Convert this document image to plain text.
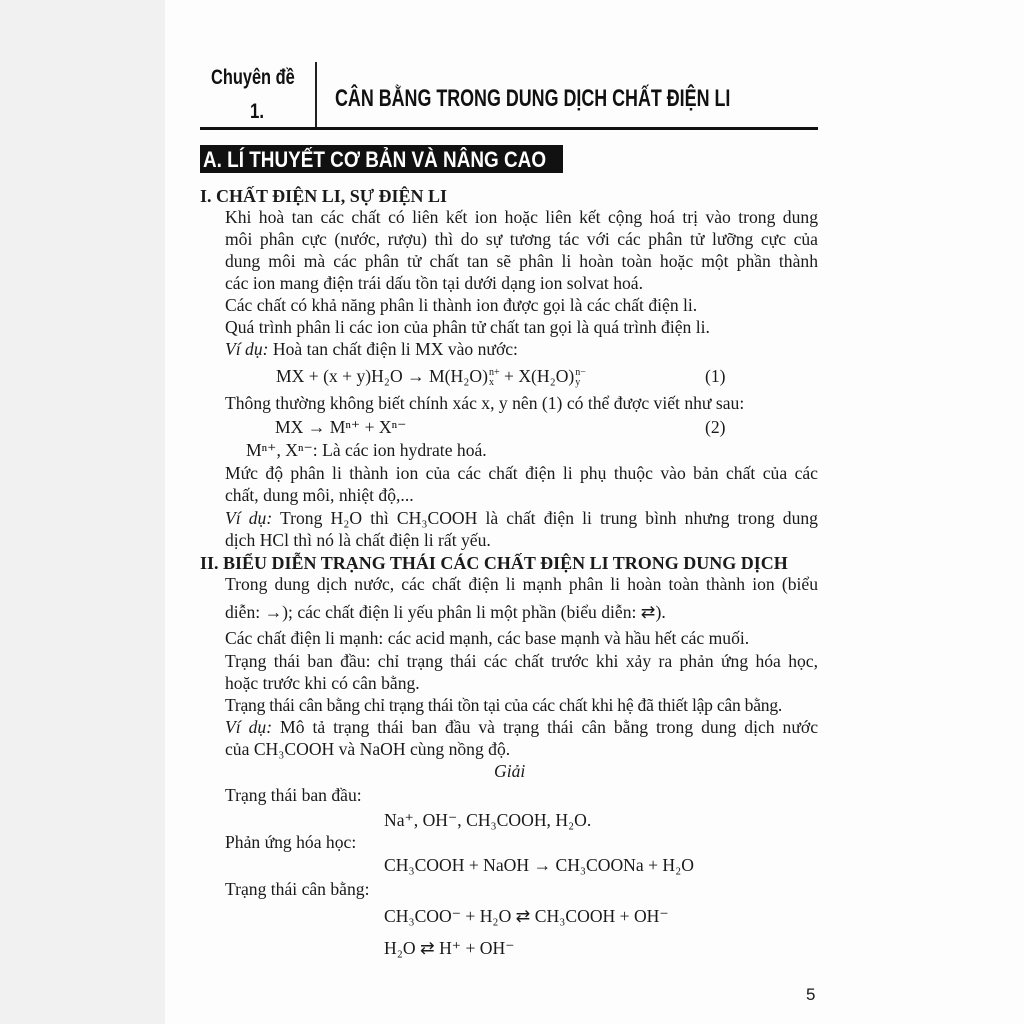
Chuyên đề
1.	CÂN BẰNG TRONG DUNG DỊCH CHẤT ĐIỆN LI
A. LÍ THUYẾT CƠ BẢN VÀ NÂNG CAO
I. CHẤT ĐIỆN LI, SỰ ĐIỆN LI
Khi hoà tan các chất có liên kết ion hoặc liên kết cộng hoá trị vào trong dung
môi phân cực (nước, rượu) thì do sự tương tác với các phân tử lưỡng cực của
dung môi mà các phân tử chất tan sẽ phân li hoàn toàn hoặc một phần thành
các ion mang điện trái dấu tồn tại dưới dạng ion solvat hoá.
Các chất có khả năng phân li thành ion được gọi là các chất điện li.
Quá trình phân li các ion của phân tử chất tan gọi là quá trình điện li.
Ví dụ: Hoà tan chất điện li MX vào nước:
MX + (x + y)H₂O → M(H₂O) n+
x + X(H₂O) n−
y	(1)
Thông thường không biết chính xác x, y nên (1) có thể được viết như sau:
MX → Mⁿ⁺ + Xⁿ⁻	(2)
Mⁿ⁺, Xⁿ⁻: Là các ion hydrate hoá.
Mức độ phân li thành ion của các chất điện li phụ thuộc vào bản chất của các
chất, dung môi, nhiệt độ,...
Ví dụ: Trong H₂O thì CH₃COOH là chất điện li trung bình nhưng trong dung
dịch HCl thì nó là chất điện li rất yếu.
II. BIỂU DIỄN TRẠNG THÁI CÁC CHẤT ĐIỆN LI TRONG DUNG DỊCH
Trong dung dịch nước, các chất điện li mạnh phân li hoàn toàn thành ion (biểu
diễn: →); các chất điện li yếu phân li một phần (biểu diễn: ⇄).
Các chất điện li mạnh: các acid mạnh, các base mạnh và hầu hết các muối.
Trạng thái ban đầu: chỉ trạng thái các chất trước khi xảy ra phản ứng hóa học,
hoặc trước khi có cân bằng.
Trạng thái cân bằng chỉ trạng thái tồn tại của các chất khi hệ đã thiết lập cân bằng.
Ví dụ: Mô tả trạng thái ban đầu và trạng thái cân bằng trong dung dịch nước
của CH₃COOH và NaOH cùng nồng độ.
Giải
Trạng thái ban đầu:
Na⁺, OH⁻, CH₃COOH, H₂O.
Phản ứng hóa học:
CH₃COOH + NaOH → CH₃COONa + H₂O
Trạng thái cân bằng:
CH₃COO⁻ + H₂O ⇄ CH₃COOH + OH⁻
H₂O ⇄ H⁺ + OH⁻
5
